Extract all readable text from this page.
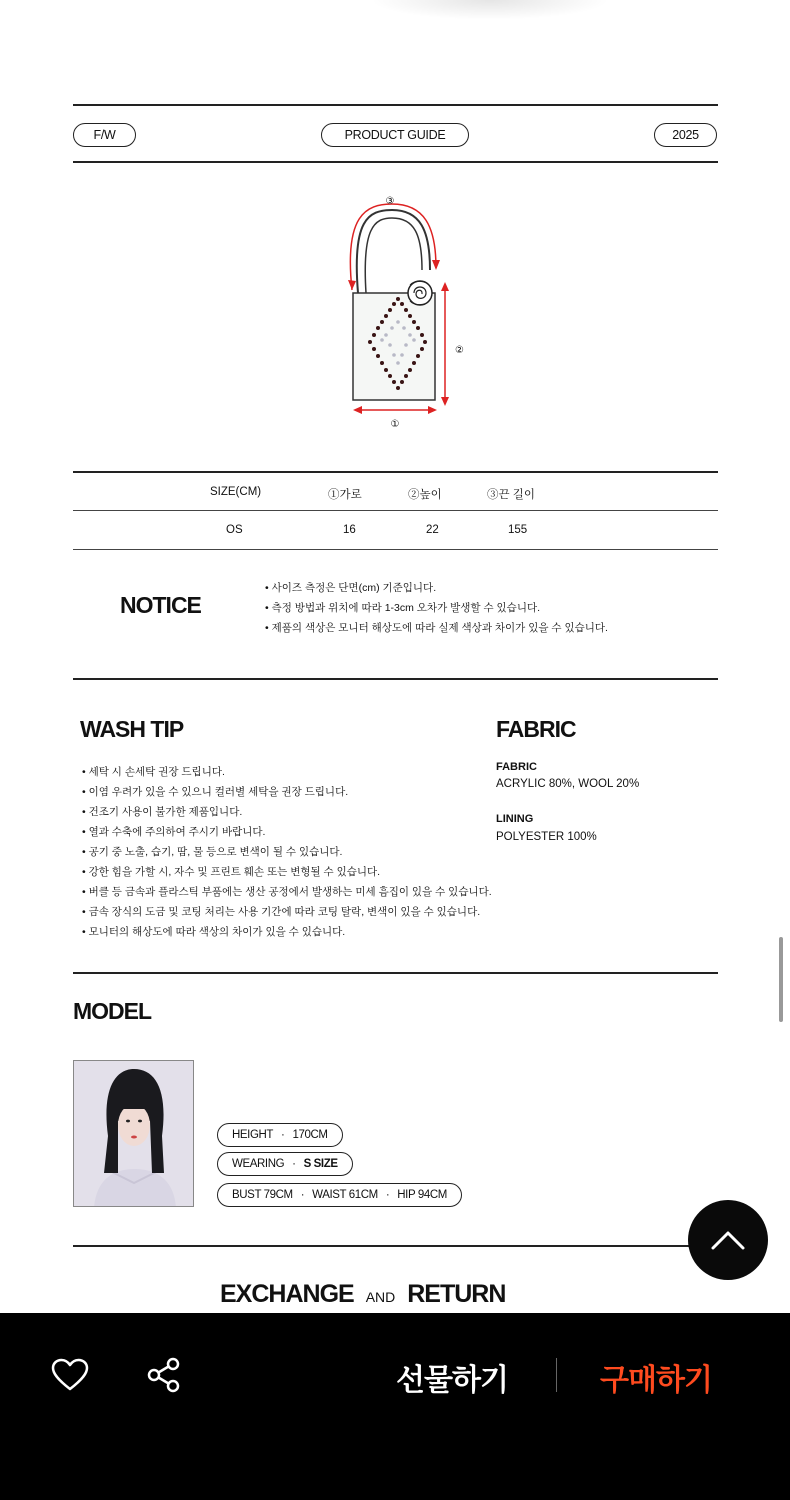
F/W	PRODUCT GUIDE	2025
③
②
①
SIZE(CM)	①가로	②높이	③끈 길이
OS	16	22	155
NOTICE
• 사이즈 측정은 단면(cm) 기준입니다.
• 측정 방법과 위치에 따라 1-3cm 오차가 발생할 수 있습니다.
• 제품의 색상은 모니터 해상도에 따라 실제 색상과 차이가 있을 수 있습니다.
WASH TIP
• 세탁 시 손세탁 권장 드립니다.
• 이염 우려가 있을 수 있으니 컬러별 세탁을 권장 드립니다.
• 건조기 사용이 불가한 제품입니다.
• 열과 수축에 주의하여 주시기 바랍니다.
• 공기 중 노출, 습기, 땀, 물 등으로 변색이 될 수 있습니다.
• 강한 힘을 가할 시, 자수 및 프린트 훼손 또는 변형될 수 있습니다.
• 버클 등 금속과 플라스틱 부품에는 생산 공정에서 발생하는 미세 흠집이 있을 수 있습니다.
• 금속 장식의 도금 및 코팅 처리는 사용 기간에 따라 코팅 탈락, 변색이 있을 수 있습니다.
• 모니터의 해상도에 따라 색상의 차이가 있을 수 있습니다.
FABRIC
FABRIC
ACRYLIC 80%, WOOL 20%
LINING
POLYESTER 100%
MODEL
HEIGHT · 170CM
WEARING · S SIZE
BUST 79CM · WAIST 61CM · HIP 94CM
EXCHANGE AND RETURN
선물하기	구매하기
